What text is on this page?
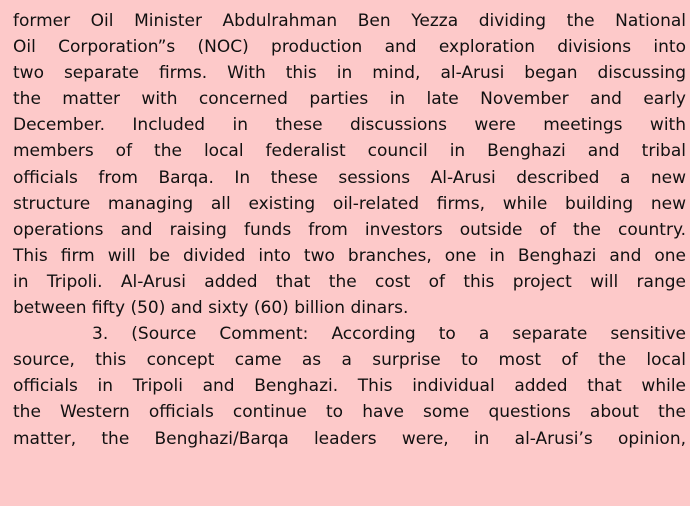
former Oil Minister Abdulrahman Ben Yezza dividing the National
Oil Corporation”s (NOC) production and exploration divisions into
two separate firms. With this in mind, al-Arusi began discussing
the matter with concerned parties in late November and early
December. Included in these discussions were meetings with
members of the local federalist council in Benghazi and tribal
officials from Barqa. In these sessions Al-Arusi described a new
structure managing all existing oil-related firms, while building new
operations and raising funds from investors outside of the country.
This firm will be divided into two branches, one in Benghazi and one
in Tripoli. Al-Arusi added that the cost of this project will range
between fifty (50) and sixty (60) billion dinars.
3. (Source Comment: According to a separate sensitive
source, this concept came as a surprise to most of the local
officials in Tripoli and Benghazi. This individual added that while
the Western officials continue to have some questions about the
matter, the Benghazi/Barqa leaders were, in al-Arusi’s opinion,
